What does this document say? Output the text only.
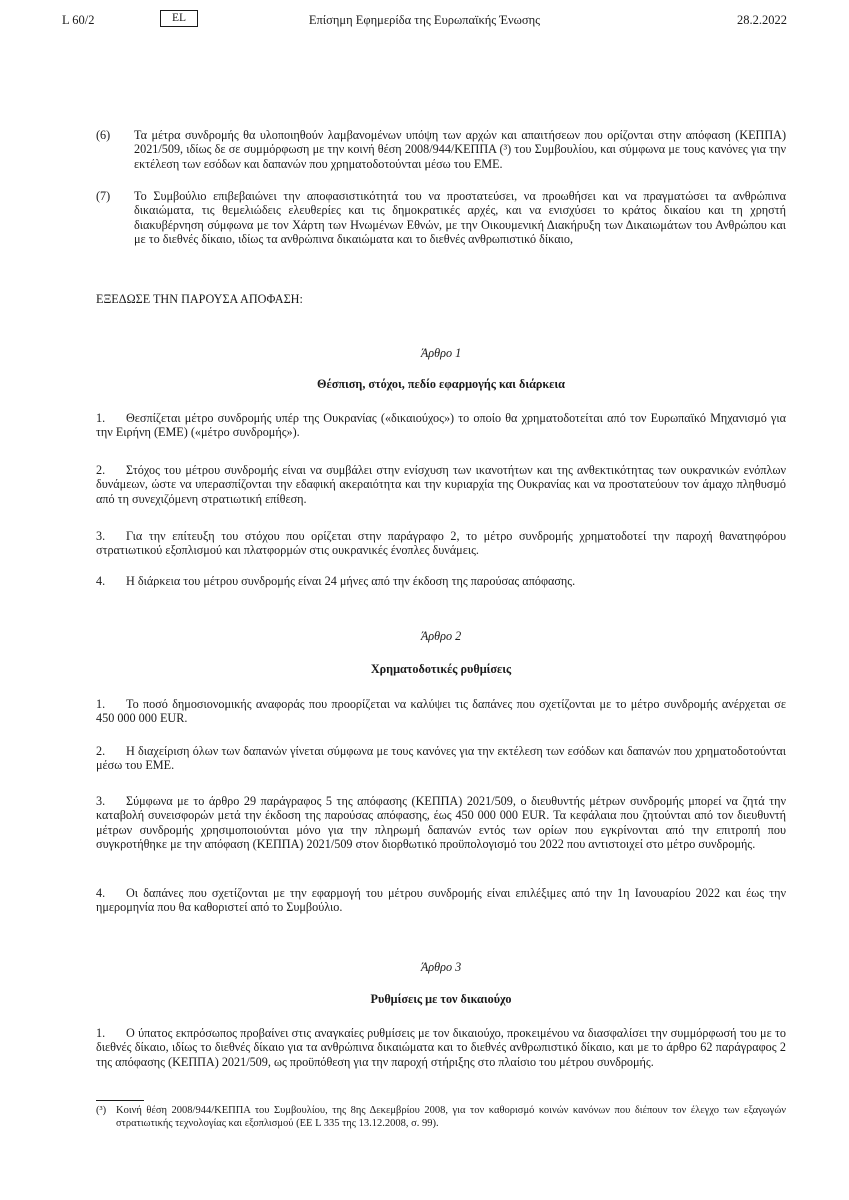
L 60/2	EL	Επίσημη Εφημερίδα της Ευρωπαϊκής Ένωσης	28.2.2022
(6) Τα μέτρα συνδρομής θα υλοποιηθούν λαμβανομένων υπόψη των αρχών και απαιτήσεων που ορίζονται στην απόφαση (ΚΕΠΠΑ) 2021/509, ιδίως δε σε συμμόρφωση με την κοινή θέση 2008/944/ΚΕΠΠΑ (³) του Συμβουλίου, και σύμφωνα με τους κανόνες για την εκτέλεση των εσόδων και δαπανών που χρηματοδοτούνται μέσω του ΕΜΕ.
(7) Το Συμβούλιο επιβεβαιώνει την αποφασιστικότητά του να προστατεύσει, να προωθήσει και να πραγματώσει τα ανθρώπινα δικαιώματα, τις θεμελιώδεις ελευθερίες και τις δημοκρατικές αρχές, και να ενισχύσει το κράτος δικαίου και τη χρηστή διακυβέρνηση σύμφωνα με τον Χάρτη των Ηνωμένων Εθνών, με την Οικουμενική Διακήρυξη των Δικαιωμάτων του Ανθρώπου και με το διεθνές δίκαιο, ιδίως τα ανθρώπινα δικαιώματα και το διεθνές ανθρωπιστικό δίκαιο,
ΕΞΕΔΩΣΕ ΤΗΝ ΠΑΡΟΥΣΑ ΑΠΟΦΑΣΗ:
Άρθρο 1
Θέσπιση, στόχοι, πεδίο εφαρμογής και διάρκεια
1. Θεσπίζεται μέτρο συνδρομής υπέρ της Ουκρανίας («δικαιούχος») το οποίο θα χρηματοδοτείται από τον Ευρωπαϊκό Μηχανισμό για την Ειρήνη (ΕΜΕ) («μέτρο συνδρομής»).
2. Στόχος του μέτρου συνδρομής είναι να συμβάλει στην ενίσχυση των ικανοτήτων και της ανθεκτικότητας των ουκρανικών ενόπλων δυνάμεων, ώστε να υπερασπίζονται την εδαφική ακεραιότητα και την κυριαρχία της Ουκρανίας και να προστατεύουν τον άμαχο πληθυσμό από τη συνεχιζόμενη στρατιωτική επίθεση.
3. Για την επίτευξη του στόχου που ορίζεται στην παράγραφο 2, το μέτρο συνδρομής χρηματοδοτεί την παροχή θανατηφόρου στρατιωτικού εξοπλισμού και πλατφορμών στις ουκρανικές ένοπλες δυνάμεις.
4. Η διάρκεια του μέτρου συνδρομής είναι 24 μήνες από την έκδοση της παρούσας απόφασης.
Άρθρο 2
Χρηματοδοτικές ρυθμίσεις
1. Το ποσό δημοσιονομικής αναφοράς που προορίζεται να καλύψει τις δαπάνες που σχετίζονται με το μέτρο συνδρομής ανέρχεται σε 450 000 000 EUR.
2. Η διαχείριση όλων των δαπανών γίνεται σύμφωνα με τους κανόνες για την εκτέλεση των εσόδων και δαπανών που χρηματοδοτούνται μέσω του ΕΜΕ.
3. Σύμφωνα με το άρθρο 29 παράγραφος 5 της απόφασης (ΚΕΠΠΑ) 2021/509, ο διευθυντής μέτρων συνδρομής μπορεί να ζητά την καταβολή συνεισφορών μετά την έκδοση της παρούσας απόφασης, έως 450 000 000 EUR. Τα κεφάλαια που ζητούνται από τον διευθυντή μέτρων συνδρομής χρησιμοποιούνται μόνο για την πληρωμή δαπανών εντός των ορίων που εγκρίνονται από την επιτροπή που συγκροτήθηκε με την απόφαση (ΚΕΠΠΑ) 2021/509 στον διορθωτικό προϋπολογισμό του 2022 που αντιστοιχεί στο μέτρο συνδρομής.
4. Οι δαπάνες που σχετίζονται με την εφαρμογή του μέτρου συνδρομής είναι επιλέξιμες από την 1η Ιανουαρίου 2022 και έως την ημερομηνία που θα καθοριστεί από το Συμβούλιο.
Άρθρο 3
Ρυθμίσεις με τον δικαιούχο
1. Ο ύπατος εκπρόσωπος προβαίνει στις αναγκαίες ρυθμίσεις με τον δικαιούχο, προκειμένου να διασφαλίσει την συμμόρφωσή του με το διεθνές δίκαιο, ιδίως το διεθνές δίκαιο για τα ανθρώπινα δικαιώματα και το διεθνές ανθρωπιστικό δίκαιο, και με το άρθρο 62 παράγραφος 2 της απόφασης (ΚΕΠΠΑ) 2021/509, ως προϋπόθεση για την παροχή στήριξης στο πλαίσιο του μέτρου συνδρομής.
(³) Κοινή θέση 2008/944/ΚΕΠΠΑ του Συμβουλίου, της 8ης Δεκεμβρίου 2008, για τον καθορισμό κοινών κανόνων που διέπουν τον έλεγχο των εξαγωγών στρατιωτικής τεχνολογίας και εξοπλισμού (ΕΕ L 335 της 13.12.2008, σ. 99).
